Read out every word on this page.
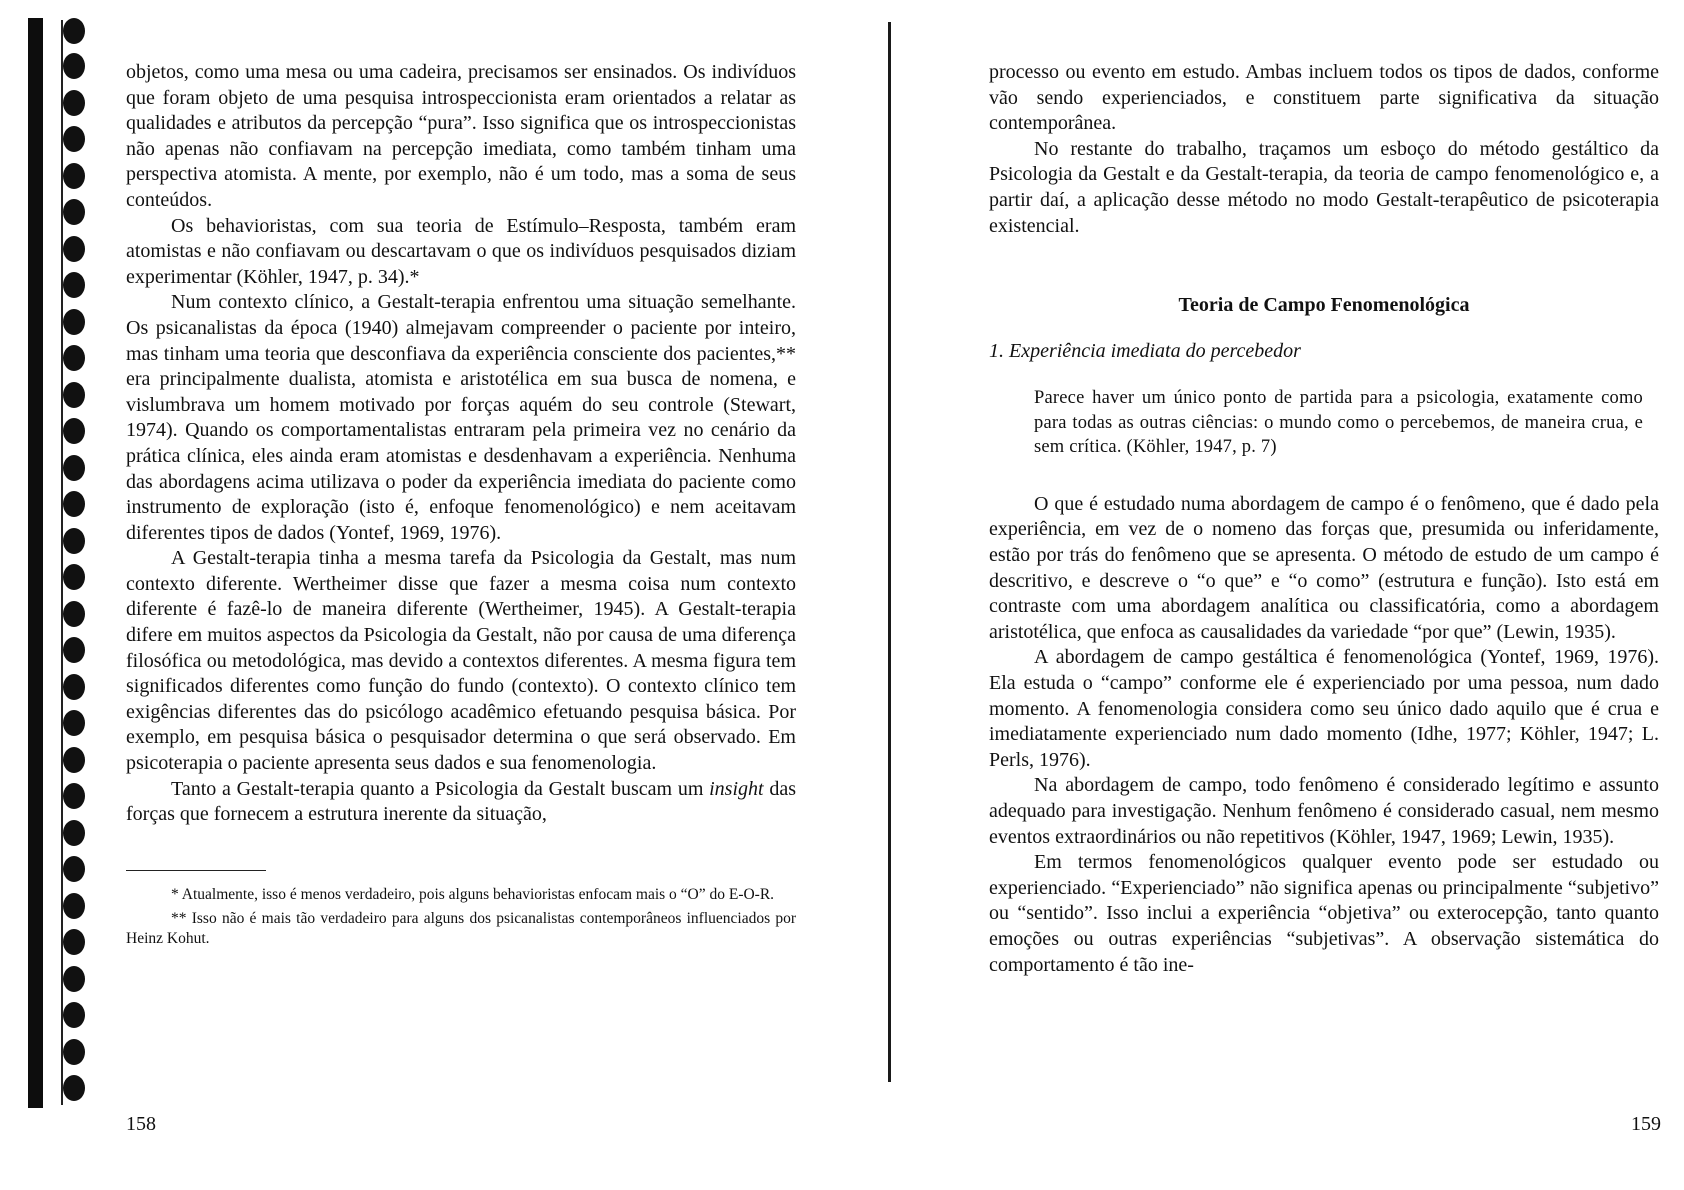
objetos, como uma mesa ou uma cadeira, precisamos ser ensinados. Os indivíduos que foram objeto de uma pesquisa introspeccionista eram orientados a relatar as qualidades e atributos da percepção “pura”. Isso significa que os introspeccionistas não apenas não confiavam na percepção imediata, como também tinham uma perspectiva atomista. A mente, por exemplo, não é um todo, mas a soma de seus conteúdos.

Os behavioristas, com sua teoria de Estímulo–Resposta, também eram atomistas e não confiavam ou descartavam o que os indivíduos pesquisados diziam experimentar (Köhler, 1947, p. 34).*

Num contexto clínico, a Gestalt-terapia enfrentou uma situação semelhante. Os psicanalistas da época (1940) almejavam compreender o paciente por inteiro, mas tinham uma teoria que desconfiava da experiência consciente dos pacientes,** era principalmente dualista, atomista e aristotélica em sua busca de nomena, e vislumbrava um homem motivado por forças aquém do seu controle (Stewart, 1974). Quando os comportamentalistas entraram pela primeira vez no cenário da prática clínica, eles ainda eram atomistas e desdenhavam a experiência. Nenhuma das abordagens acima utilizava o poder da experiência imediata do paciente como instrumento de exploração (isto é, enfoque fenomenológico) e nem aceitavam diferentes tipos de dados (Yontef, 1969, 1976).

A Gestalt-terapia tinha a mesma tarefa da Psicologia da Gestalt, mas num contexto diferente. Wertheimer disse que fazer a mesma coisa num contexto diferente é fazê-lo de maneira diferente (Wertheimer, 1945). A Gestalt-terapia difere em muitos aspectos da Psicologia da Gestalt, não por causa de uma diferença filosófica ou metodológica, mas devido a contextos diferentes. A mesma figura tem significados diferentes como função do fundo (contexto). O contexto clínico tem exigências diferentes das do psicólogo acadêmico efetuando pesquisa básica. Por exemplo, em pesquisa básica o pesquisador determina o que será observado. Em psicoterapia o paciente apresenta seus dados e sua fenomenologia.

Tanto a Gestalt-terapia quanto a Psicologia da Gestalt buscam um insight das forças que fornecem a estrutura inerente da situação,

* Atualmente, isso é menos verdadeiro, pois alguns behavioristas enfocam mais o “O” do E-O-R.

** Isso não é mais tão verdadeiro para alguns dos psicanalistas contemporâneos influenciados por Heinz Kohut.

158

processo ou evento em estudo. Ambas incluem todos os tipos de dados, conforme vão sendo experienciados, e constituem parte significativa da situação contemporânea.

No restante do trabalho, traçamos um esboço do método gestáltico da Psicologia da Gestalt e da Gestalt-terapia, da teoria de campo fenomenológico e, a partir daí, a aplicação desse método no modo Gestalt-terapêutico de psicoterapia existencial.

Teoria de Campo Fenomenológica
1. Experiência imediata do percebedor
Parece haver um único ponto de partida para a psicologia, exatamente como para todas as outras ciências: o mundo como o percebemos, de maneira crua, e sem crítica. (Köhler, 1947, p. 7)

O que é estudado numa abordagem de campo é o fenômeno, que é dado pela experiência, em vez de o nomeno das forças que, presumida ou inferidamente, estão por trás do fenômeno que se apresenta. O método de estudo de um campo é descritivo, e descreve o “o que” e “o como” (estrutura e função). Isto está em contraste com uma abordagem analítica ou classificatória, como a abordagem aristotélica, que enfoca as causalidades da variedade “por que” (Lewin, 1935).

A abordagem de campo gestáltica é fenomenológica (Yontef, 1969, 1976). Ela estuda o “campo” conforme ele é experienciado por uma pessoa, num dado momento. A fenomenologia considera como seu único dado aquilo que é crua e imediatamente experienciado num dado momento (Idhe, 1977; Köhler, 1947; L. Perls, 1976).

Na abordagem de campo, todo fenômeno é considerado legítimo e assunto adequado para investigação. Nenhum fenômeno é considerado casual, nem mesmo eventos extraordinários ou não repetitivos (Köhler, 1947, 1969; Lewin, 1935).

Em termos fenomenológicos qualquer evento pode ser estudado ou experienciado. “Experienciado” não significa apenas ou principalmente “subjetivo” ou “sentido”. Isso inclui a experiência “objetiva” ou exterocepção, tanto quanto emoções ou outras experiências “subjetivas”. A observação sistemática do comportamento é tão ine-

159
